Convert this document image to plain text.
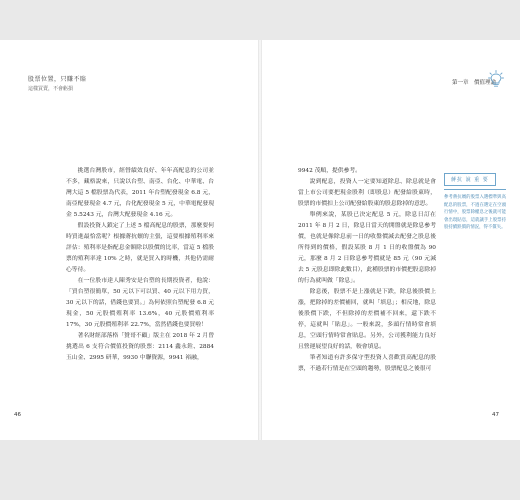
股票位置，只賺不賠
這樣買賣，不會虧損

挑選台灣股市，經營績效良好、年年高配息的公司並不多，藏格說來，只說以台塑、南亞、台化、中華電、台灣大這 5 檔股票為代表，2011 年台塑配發現金 6.8 元，南亞配發現金 4.7 元，台化配發現金 5 元，中華電配發現金 5.5243 元，台灣大配發現金 4.16 元。

假設投資人鎖定了上述 5 檔高配息的股票，那麼要何時買進最恰當呢？根據蔣抗嬪的主張，這要根據殖利率來評估：殖利率是指配息金額除以股價的比率，當這 5 檔股票的殖利率達 10% 之時，就是買入的時機，其他仍需耐心等待。

在一位股市達人陳秀安是台塑的長期投資者，他說：「買台塑很簡單，50 元以下可以買、40 元以下用力買，30 元以下的話，借錢也要買。」為何依照台塑配發 6.8 元現金，50 元股價殖利率 13.6%，40 元股價殖利率 17%，30 元股價殖利率 22.7%，當然借錢也要買啦！

著名財經部落格「贊哥不顧」版主在 2018 年 2 月曾挑選出 6 支符合價值投資的股票：2114 鑫永銓、2884 玉山金、2995 研華，9930 中聯資源，9941 裕融，

46
第一章　價值理論

9942 茂順，提供參考。

說到配息，投資人一定要知道除息、除息就是會當上市公司要把現金股利（即股息）配發給股東時，股票的市價扣上公司配發給股東的股息除掉的意思。

舉例來說，某股已決定配息 5 元，除息日訂在 2011 年 8 月 2 日，除息日當天的開盤就是除息參考價，也就是像除息前一日的收盤價減去配發之股息後所得到的價格，假設某股 8 月 1 日的收盤價為 90 元，那麼 8 月 2 日除息參考價就是 85 元（90 元減去 5 元股息即除此數目），此種股票的市價把股息除掉的行為就叫做「除息」。

除息後，股票不是上漲就是下跌，除息後股價上漲，把除掉的差價補回，就叫「填息」；相反地，除息後股價下跌，不但除掉的差價補不回來，還下跌不停，這就叫「貼息」。一般來說，多頭行情時常會填息，空頭行情時常會貼息。另外，公司獲利能力良好且營運展望良好的話，較會填息。

筆者知道有許多保守型投資人喜歡買高配息的股票，不過若行情是在空頭的趨勢，股票配息之後很可

蔣抗 說 重 要
參考蔣抗嬪的股票入選標準與高配息的股票，不過在選定在空頭行情中，股票除權息之後就可能會出現貼息，這就讓手上股票持股持續跌價的情況，得不償失。
47
